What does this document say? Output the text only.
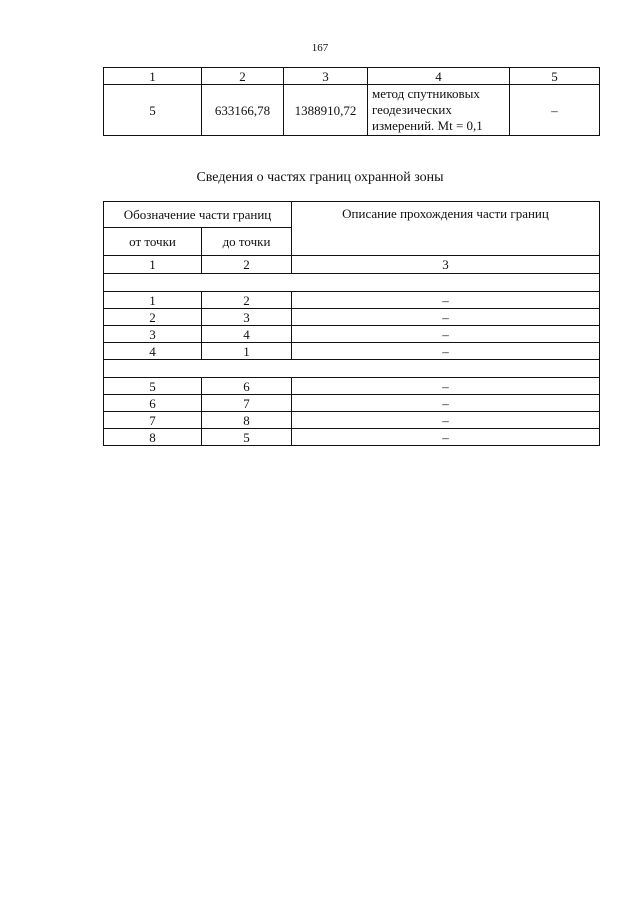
167
1	2	3	4	5
5	633166,78	1388910,72	метод спутниковых
геодезических
измерений. Mt = 0,1	–
Сведения о частях границ охранной зоны
Обозначение части границ		Описание прохождения части границ
от точки	до точки	
1	2	3

1	2	–
2	3	–
3	4	–
4	1	–

5	6	–
6	7	–
7	8	–
8	5	–
